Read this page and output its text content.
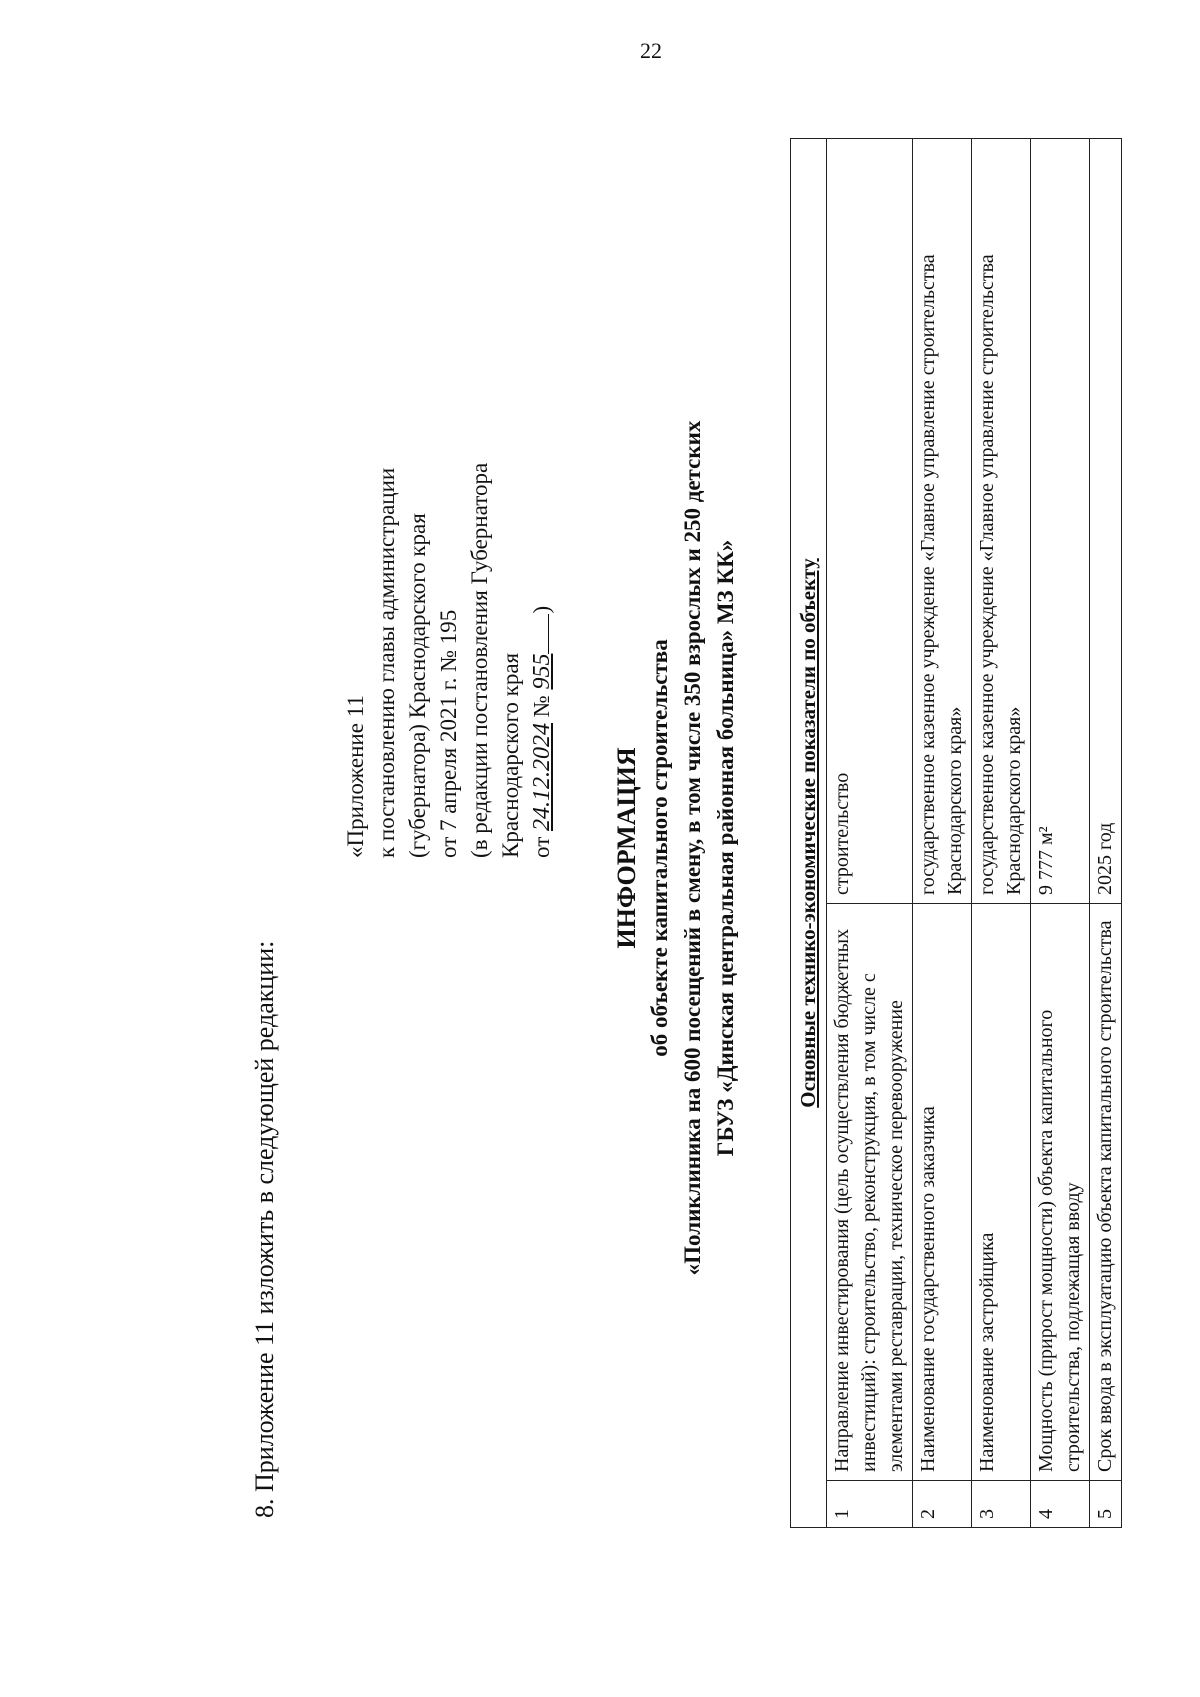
22
8. Приложение 11 изложить в следующей редакции:
«Приложение 11 к постановлению главы администрации (губернатора) Краснодарского края от 7 апреля 2021 г. № 195 (в редакции постановления Губернатора Краснодарского края от 24.12.2024 № 955)
ИНФОРМАЦИЯ об объекте капитального строительства «Поликлиника на 600 посещений в смену, в том числе 350 взрослых и 250 детских ГБУЗ «Динская центральная районная больница» МЗ КК»	Основные технико-экономические показатели по объекту		
1	Направление инвестирования (цель осуществления бюджетных инвестиций): строительство, реконструкция, в том числе с элементами реставрации, техническое перевооружение	строительство
2	Наименование государственного заказчика	государственное казенное учреждение «Главное управление строительства Краснодарского края»
3	Наименование застройщика	государственное казенное учреждение «Главное управление строительства Краснодарского края»
4	Мощность (прирост мощности) объекта капитального строительства, подлежащая вводу	9 777 м²
5	Срок ввода в эксплуатацию объекта капитального строительства	2025 год
